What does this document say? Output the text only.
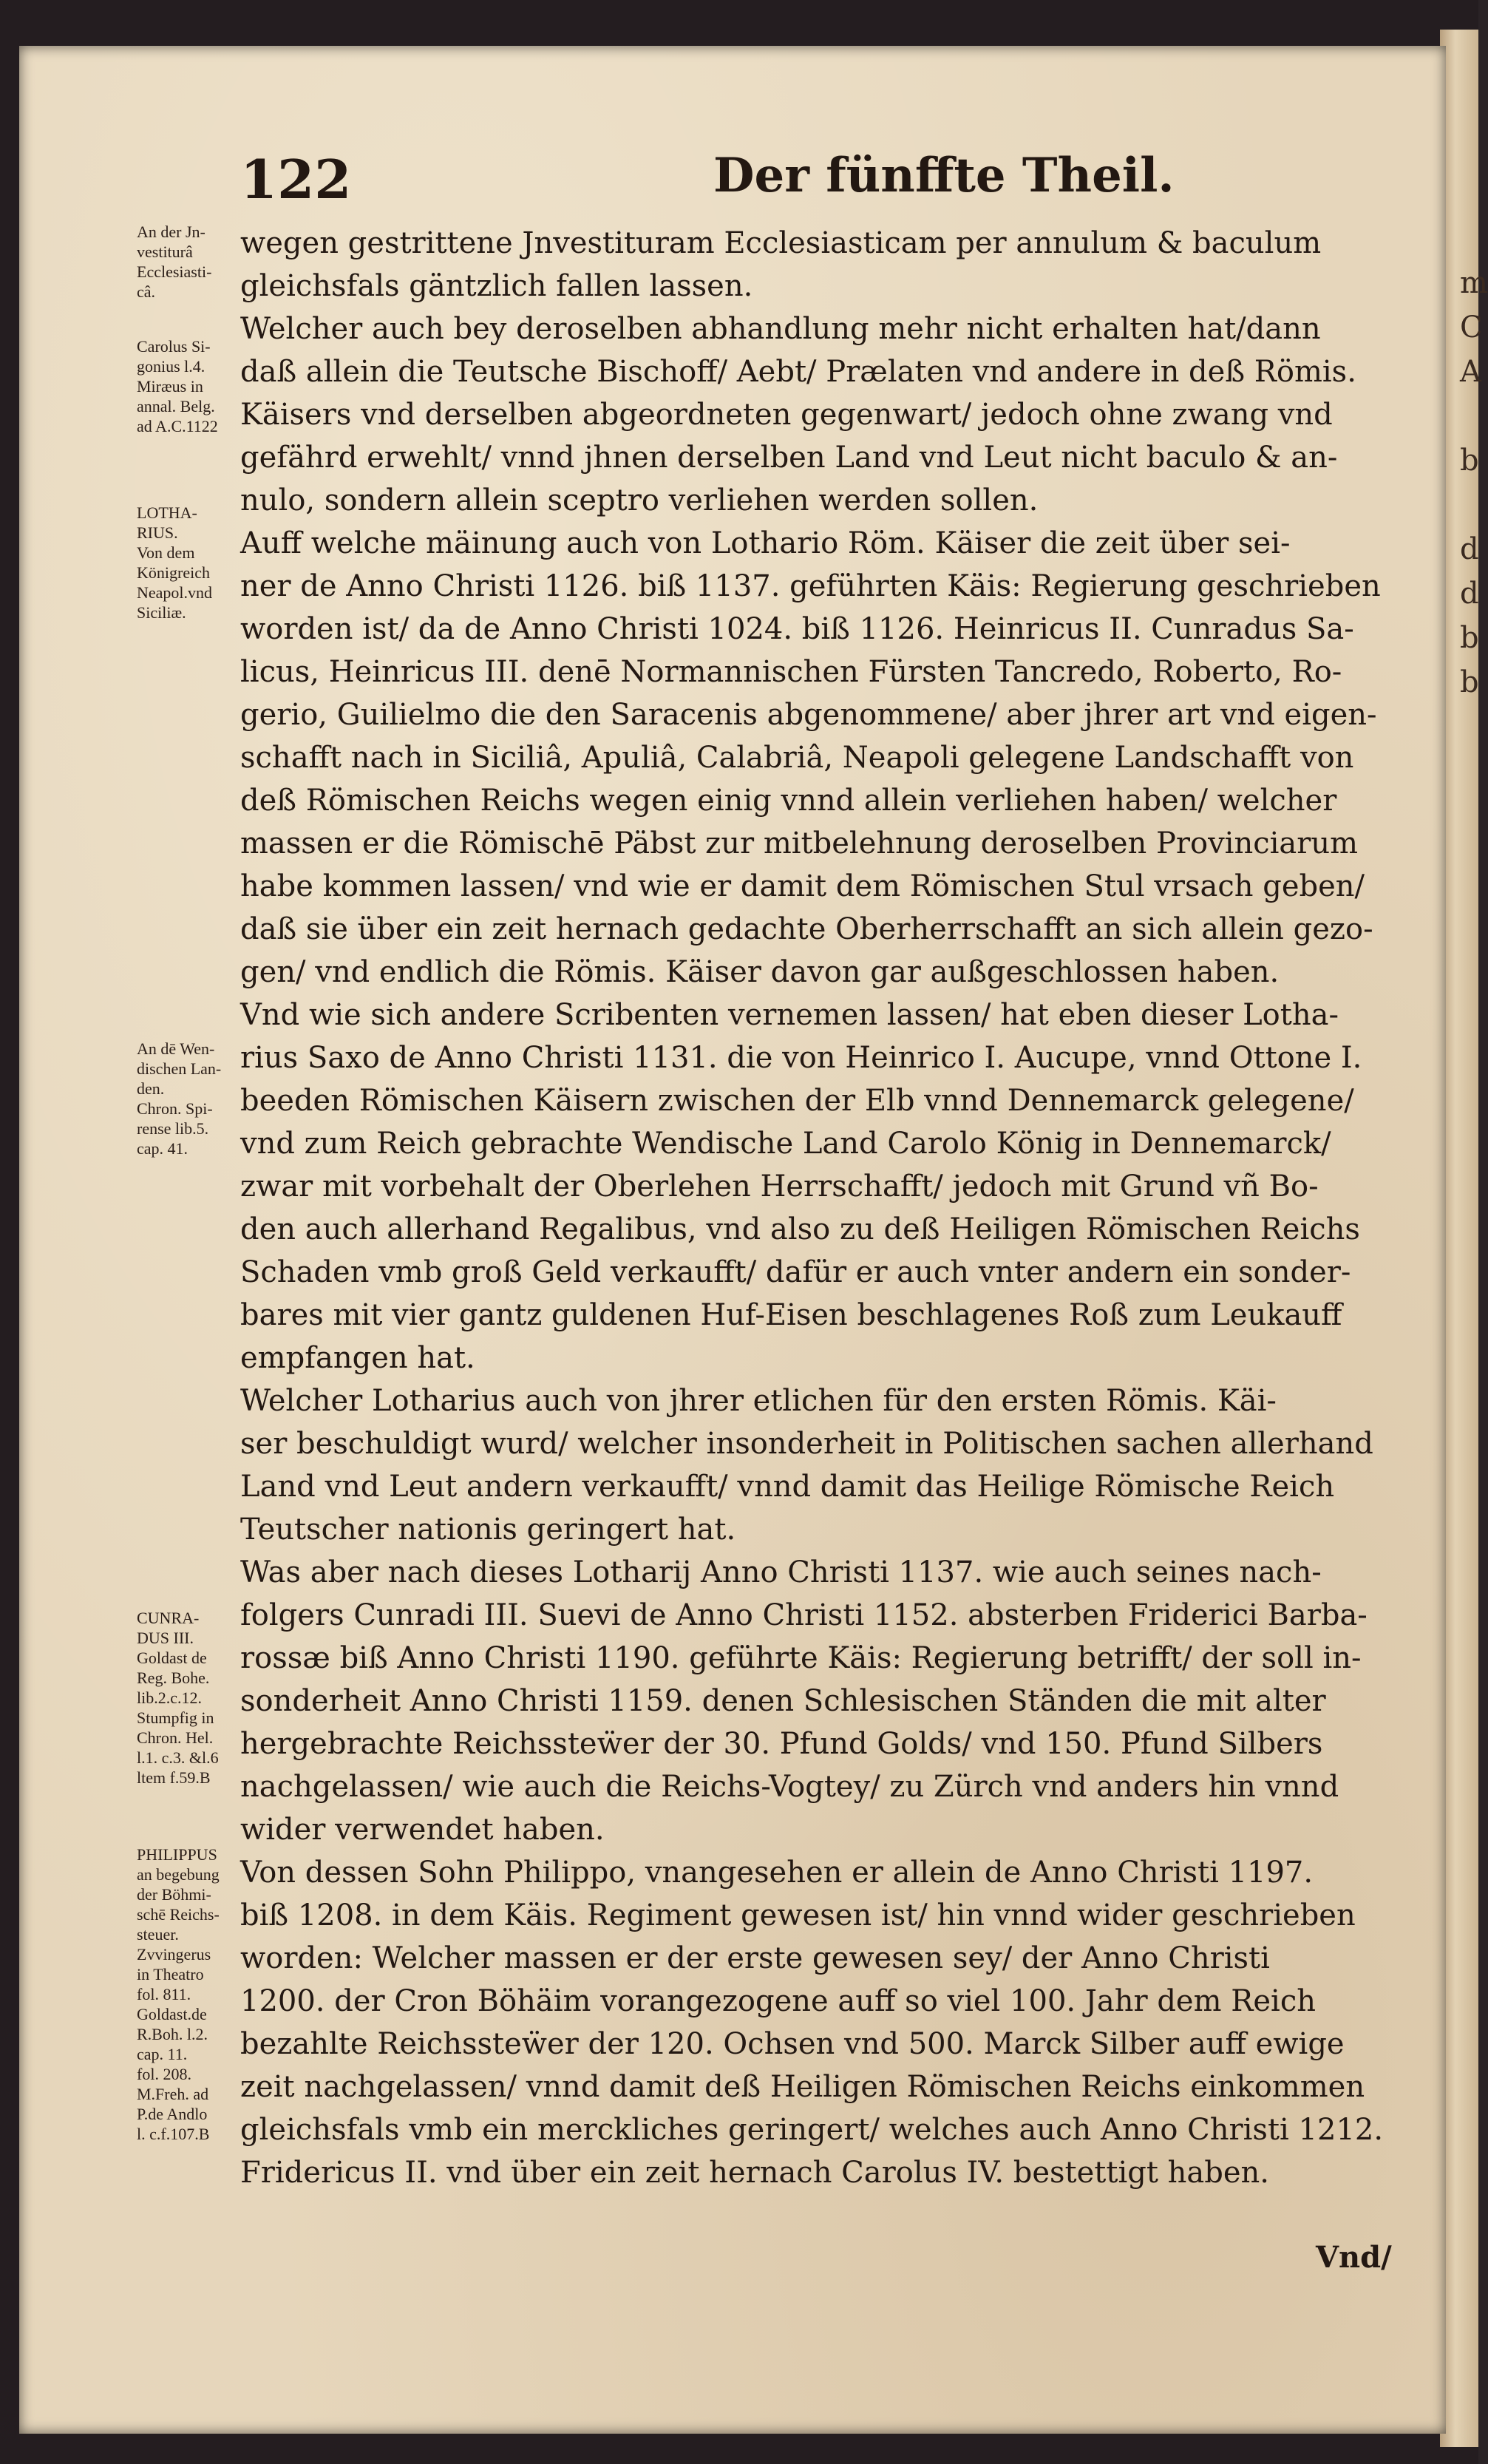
m
C
A
b
d
d
b
b
122	Der fünffte Theil.
An der Jn-
vestiturâ
Ecclesiasti-
câ.
Carolus Si-
gonius l.4.
Miræus in
annal. Belg.
ad A.C.1122
LOTHA-
RIUS.
Von dem
Königreich
Neapol.vnd
Siciliæ.
An dē Wen-
dischen Lan-
den.
Chron. Spi-
rense lib.5.
cap. 41.
CUNRA-
DUS III.
Goldast de
Reg. Bohe.
lib.2.c.12.
Stumpfig in
Chron. Hel.
l.1. c.3. &l.6
ltem f.59.B
PHILIPPUS
an begebung
der Böhmi-
schē Reichs-
steuer.
Zvvingerus
in Theatro
fol. 811.
Goldast.de
R.Boh. l.2.
cap. 11.
fol. 208.
M.Freh. ad
P.de Andlo
l. c.f.107.B
wegen gestrittene Jnvestituram Ecclesiasticam per annulum & baculum
gleichsfals gäntzlich fallen lassen.
Welcher auch bey deroselben abhandlung mehr nicht erhalten hat/dann
daß allein die Teutsche Bischoff/ Aebt/ Prælaten vnd andere in deß Römis.
Käisers vnd derselben abgeordneten gegenwart/ jedoch ohne zwang vnd
gefährd erwehlt/ vnnd jhnen derselben Land vnd Leut nicht baculo & an-
nulo, sondern allein sceptro verliehen werden sollen.
Auff welche mäinung auch von Lothario Röm. Käiser die zeit über sei-
ner de Anno Christi 1126. biß 1137. geführten Käis: Regierung geschrieben
worden ist/ da de Anno Christi 1024. biß 1126. Heinricus II. Cunradus Sa-
licus, Heinricus III. denē Normannischen Fürsten Tancredo, Roberto, Ro-
gerio, Guilielmo die den Saracenis abgenommene/ aber jhrer art vnd eigen-
schafft nach in Siciliâ, Apuliâ, Calabriâ, Neapoli gelegene Landschafft von
deß Römischen Reichs wegen einig vnnd allein verliehen haben/ welcher
massen er die Römischē Päbst zur mitbelehnung deroselben Provinciarum
habe kommen lassen/ vnd wie er damit dem Römischen Stul vrsach geben/
daß sie über ein zeit hernach gedachte Oberherrschafft an sich allein gezo-
gen/ vnd endlich die Römis. Käiser davon gar außgeschlossen haben.
Vnd wie sich andere Scribenten vernemen lassen/ hat eben dieser Lotha-
rius Saxo de Anno Christi 1131. die von Heinrico I. Aucupe, vnnd Ottone I.
beeden Römischen Käisern zwischen der Elb vnnd Dennemarck gelegene/
vnd zum Reich gebrachte Wendische Land Carolo König in Dennemarck/
zwar mit vorbehalt der Oberlehen Herrschafft/ jedoch mit Grund vñ Bo-
den auch allerhand Regalibus, vnd also zu deß Heiligen Römischen Reichs
Schaden vmb groß Geld verkaufft/ dafür er auch vnter andern ein sonder-
bares mit vier gantz guldenen Huf-Eisen beschlagenes Roß zum Leukauff
empfangen hat.
Welcher Lotharius auch von jhrer etlichen für den ersten Römis. Käi-
ser beschuldigt wurd/ welcher insonderheit in Politischen sachen allerhand
Land vnd Leut andern verkaufft/ vnnd damit das Heilige Römische Reich
Teutscher nationis geringert hat.
Was aber nach dieses Lotharij Anno Christi 1137. wie auch seines nach-
folgers Cunradi III. Suevi de Anno Christi 1152. absterben Friderici Barba-
rossæ biß Anno Christi 1190. geführte Käis: Regierung betrifft/ der soll in-
sonderheit Anno Christi 1159. denen Schlesischen Ständen die mit alter
hergebrachte Reichssteẅer der 30. Pfund Golds/ vnd 150. Pfund Silbers
nachgelassen/ wie auch die Reichs-Vogtey/ zu Zürch vnd anders hin vnnd
wider verwendet haben.
Von dessen Sohn Philippo, vnangesehen er allein de Anno Christi 1197.
biß 1208. in dem Käis. Regiment gewesen ist/ hin vnnd wider geschrieben
worden: Welcher massen er der erste gewesen sey/ der Anno Christi
1200. der Cron Böhäim vorangezogene auff so viel 100. Jahr dem Reich
bezahlte Reichssteẅer der 120. Ochsen vnd 500. Marck Silber auff ewige
zeit nachgelassen/ vnnd damit deß Heiligen Römischen Reichs einkommen
gleichsfals vmb ein merckliches geringert/ welches auch Anno Christi 1212.
Fridericus II. vnd über ein zeit hernach Carolus IV. bestettigt haben.
Vnd/
